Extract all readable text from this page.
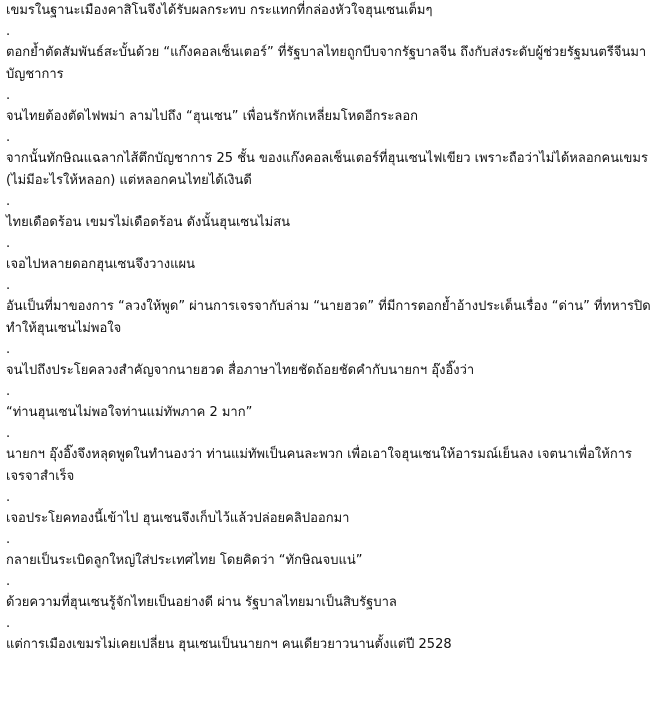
เขมรในฐานะเมืองคาสิโนจึงได้รับผลกระทบ กระแทกที่กล่องหัวใจฮุนเซนเต็มๆ

.

ตอกย้ำตัดสัมพันธ์สะบั้นด้วย “แก๊งคอลเซ็นเตอร์” ที่รัฐบาลไทยถูกบีบจากรัฐบาลจีน ถึงกับส่งระดับผู้ช่วยรัฐมนตรีจีนมาบัญชาการ

.

จนไทยต้องตัดไฟพม่า ลามไปถึง “ฮุนเซน” เพื่อนรักหักเหลี่ยมโหดอีกระลอก

.

จากนั้นทักษิณแฉลากไส้ตึกบัญชาการ 25 ชั้น ของแก๊งคอลเซ็นเตอร์ที่ฮุนเซนไฟเขียว เพราะถือว่าไม่ได้หลอกคนเขมร (ไม่มีอะไรให้หลอก) แต่หลอกคนไทยได้เงินดี

.

ไทยเดือดร้อน เขมรไม่เดือดร้อน ดังนั้นฮุนเซนไม่สน

.

เจอไปหลายดอกฮุนเซนจึงวางแผน

.

อันเป็นที่มาของการ “ลวงให้พูด” ผ่านการเจรจากับล่าม “นายฮวด” ที่มีการตอกย้ำอ้างประเด็นเรื่อง “ด่าน” ที่ทหารปิด ทำให้ฮุนเซนไม่พอใจ

.

จนไปถึงประโยคลวงสำคัญจากนายฮวด สื่อภาษาไทยชัดถ้อยชัดคำกับนายกฯ อุ๊งอิ๊งว่า

.

“ท่านฮุนเซนไม่พอใจท่านแม่ทัพภาค 2 มาก”

.

นายกฯ อุ๊งอิ๊งจึงหลุดพูดในทำนองว่า ท่านแม่ทัพเป็นคนละพวก เพื่อเอาใจฮุนเซนให้อารมณ์เย็นลง เจตนาเพื่อให้การเจรจาสำเร็จ

.

เจอประโยคทองนี้เข้าไป ฮุนเซนจึงเก็บไว้แล้วปล่อยคลิปออกมา

.

กลายเป็นระเบิดลูกใหญ่ใส่ประเทศไทย โดยคิดว่า “ทักษิณจบแน่”

.

ด้วยความที่ฮุนเซนรู้จักไทยเป็นอย่างดี ผ่าน รัฐบาลไทยมาเป็นสิบรัฐบาล

.

แต่การเมืองเขมรไม่เคยเปลี่ยน ฮุนเซนเป็นนายกฯ คนเดียวยาวนานตั้งแต่ปี 2528
